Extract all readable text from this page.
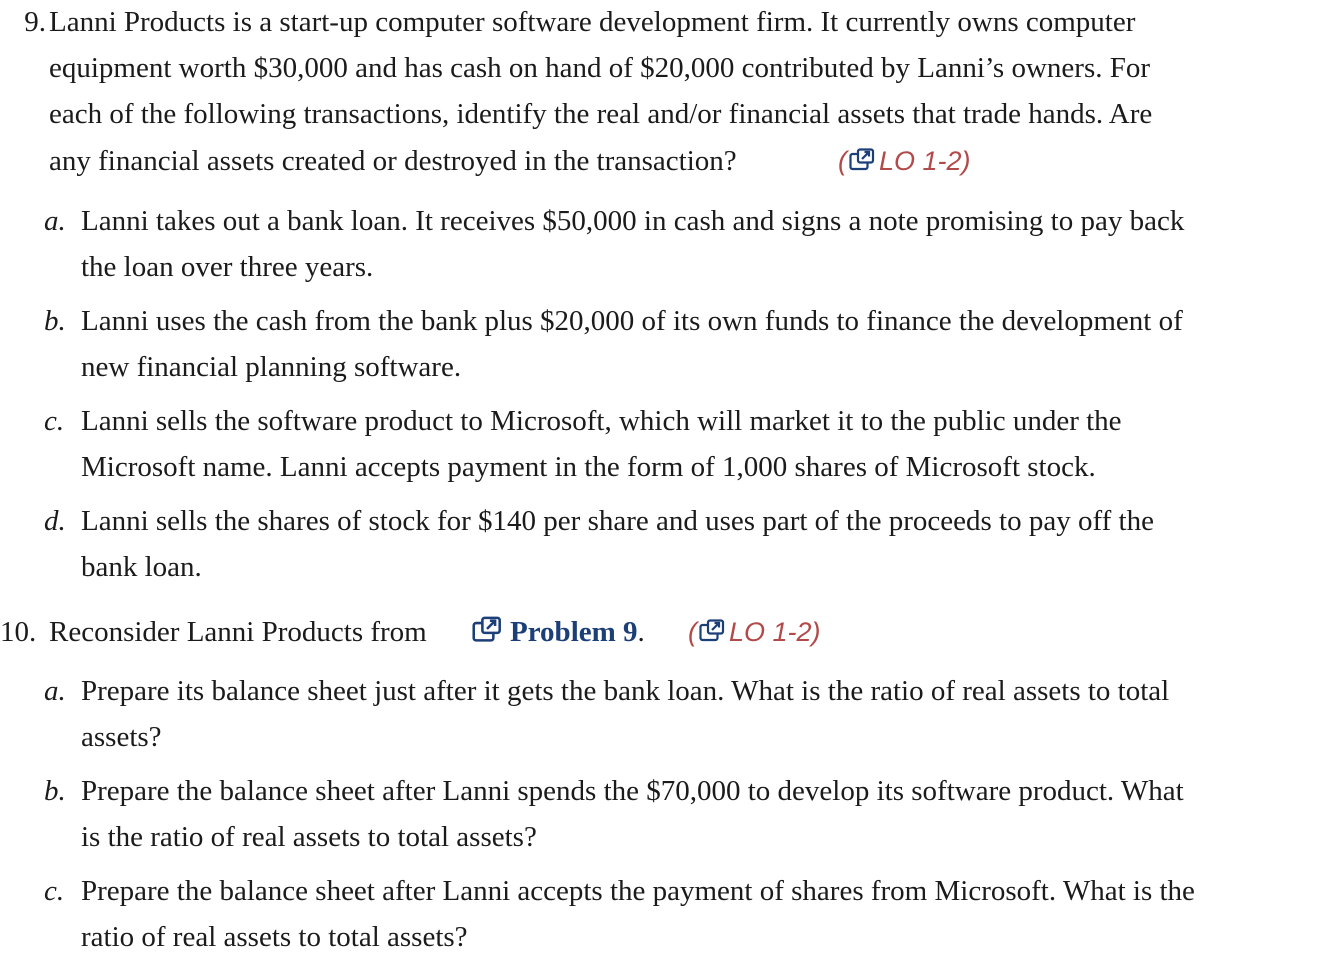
9. Lanni Products is a start-up computer software development firm. It currently owns computer
equipment worth $30,000 and has cash on hand of $20,000 contributed by Lanni’s owners. For
each of the following transactions, identify the real and/or financial assets that trade hands. Are
any financial assets created or destroyed in the transaction?	( LO 1-2)
a. Lanni takes out a bank loan. It receives $50,000 in cash and signs a note promising to pay back
the loan over three years.
b. Lanni uses the cash from the bank plus $20,000 of its own funds to finance the development of
new financial planning software.
c. Lanni sells the software product to Microsoft, which will market it to the public under the
Microsoft name. Lanni accepts payment in the form of 1,000 shares of Microsoft stock.
d. Lanni sells the shares of stock for $140 per share and uses part of the proceeds to pay off the
bank loan.
10. Reconsider Lanni Products from	Problem 9. ( LO 1-2)
a. Prepare its balance sheet just after it gets the bank loan. What is the ratio of real assets to total
assets?
b. Prepare the balance sheet after Lanni spends the $70,000 to develop its software product. What
is the ratio of real assets to total assets?
c. Prepare the balance sheet after Lanni accepts the payment of shares from Microsoft. What is the
ratio of real assets to total assets?
